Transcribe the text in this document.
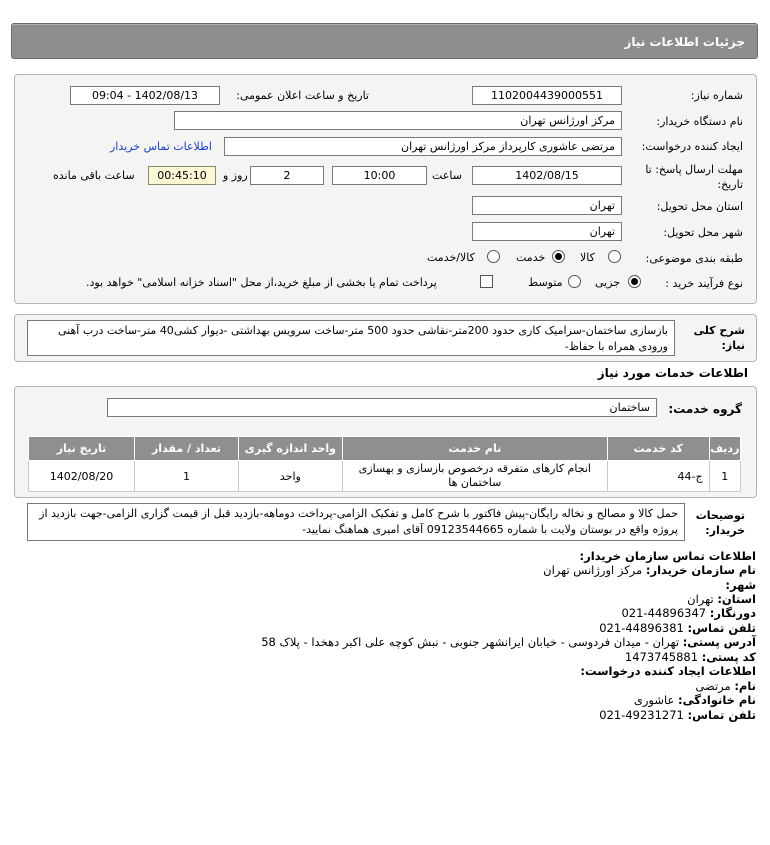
جزئیات اطلاعات نیاز
شماره نیاز:
1102004439000551
تاریخ و ساعت اعلان عمومی:
1402/08/13 - 09:04
نام دستگاه خریدار:
مرکز اورژانس تهران
ایجاد کننده درخواست:
مرتضی عاشوری کارپرداز مرکز اورژانس تهران
اطلاعات تماس خریدار
مهلت ارسال پاسخ: تا
تاریخ:
1402/08/15
ساعت
10:00
2
روز و
00:45:10
ساعت باقی مانده
استان محل تحویل:
تهران
شهر محل تحویل:
تهران
طبقه بندی موضوعی:
کالا
خدمت
کالا/خدمت
نوع فرآیند خرید :
جزیی
متوسط
پرداخت تمام یا بخشی از مبلغ خرید،از محل "اسناد خزانه اسلامی" خواهد بود.
شرح کلی نیاز:
بازسازی ساختمان-سرامیک کاری حدود 200متر-نقاشی حدود 500 متر-ساخت سرویس بهداشتی -دیوار کشی40 متر-ساخت درب آهنی ورودی همراه با حفاظ-
اطلاعات خدمات مورد نیاز
گروه خدمت:
ساختمان
ردیف	کد خدمت	نام خدمت	واحد اندازه گیری	تعداد / مقدار	تاریخ نیاز
1	ج-44	انجام کارهای متفرقه درخصوص بازسازی و بهسازی ساختمان ها	واحد	1	1402/08/20
توضیحات خریدار:
حمل کالا و مصالح و نخاله رایگان-پیش فاکتور با شرح کامل و تفکیک الزامی-پرداخت دوماهه-بازدید قبل از قیمت گزاری الزامی-جهت بازدید از پروژه واقع در بوستان ولایت با شماره 09123544665 آقای امیری هماهنگ نمایید-
اطلاعات تماس سازمان خریدار:
نام سازمان خریدار: مرکز اورژانس تهران
شهر:
استان: تهران
دورنگار: 44896347-021
تلفن تماس: 44896381-021
آدرس پستی: تهران - میدان فردوسی - خیابان ایرانشهر جنوبی - نبش کوچه علی اکبر دهخدا - پلاک 58
کد پستی: 1473745881
اطلاعات ایجاد کننده درخواست:
نام: مرتضی
نام خانوادگی: عاشوری
تلفن تماس: 49231271-021
